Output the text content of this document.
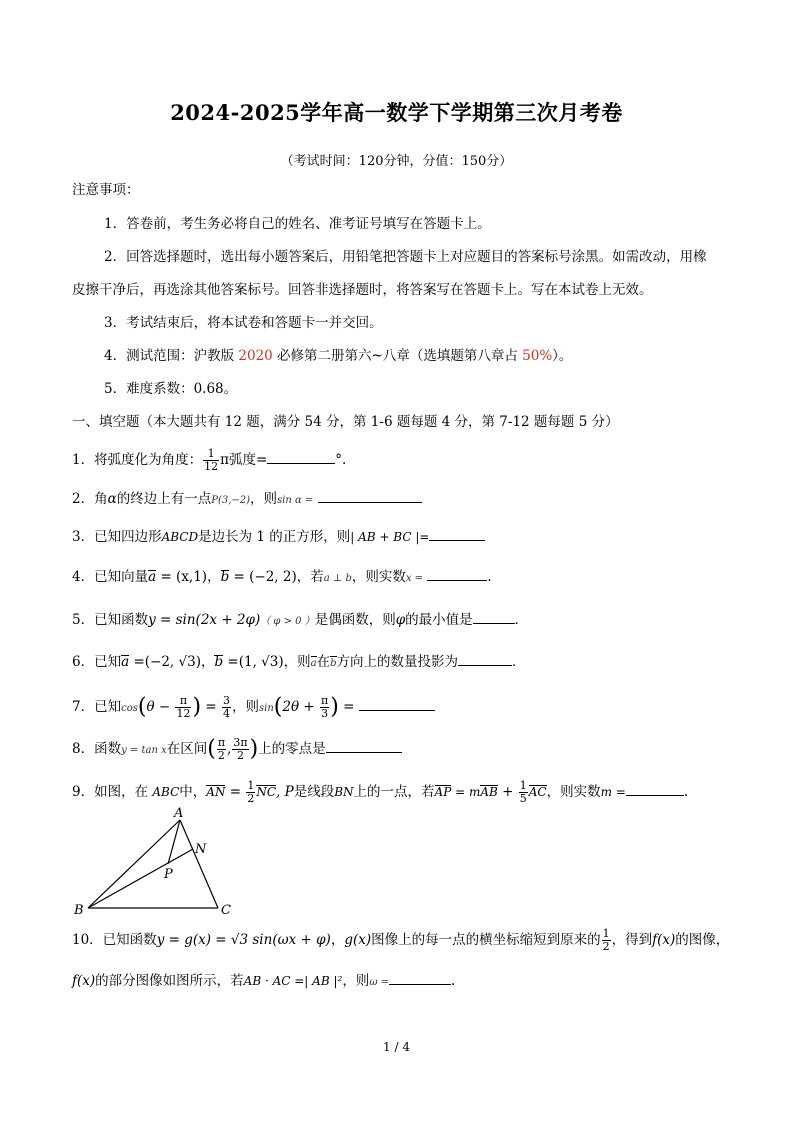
2024-2025学年高一数学下学期第三次月考卷
（考试时间：120分钟，分值：150分）
注意事项：
1．答卷前，考生务必将自己的姓名、准考证号填写在答题卡上。
2．回答选择题时，选出每小题答案后，用铅笔把答题卡上对应题目的答案标号涂黑。如需改动，用橡
皮擦干净后，再选涂其他答案标号。回答非选择题时，将答案写在答题卡上。写在本试卷上无效。
3．考试结束后，将本试卷和答题卡一并交回。
4．测试范围：沪教版 2020 必修第二册第六~八章（选填题第八章占 50%）。
5．难度系数：0.68。
一、填空题（本大题共有 12 题，满分 54 分，第 1-6 题每题 4 分，第 7-12 题每题 5 分）
1．将弧度化为角度： $\frac{1}{12}$ π弧度=	°.
2．角α的终边上有一点P(3,−2)，则sin α =
3．已知四边形ABCD是边长为 1 的正方形，则| AB + BC |=
4．已知向量a = (x,1)，b = (−2, 2)，若a ⊥ b，则实数x =	.
5．已知函数y = sin(2x + 2φ)（ φ > 0 ）是偶函数，则φ的最小值是	．
6．已知a =(−2, √3)，b =(1, √3)，则a在b方向上的数量投影为	．
7．已知$\cos(\theta - \frac{\pi}{12}$ ) = $\frac{3}{4}$ ，则$\sin(2\theta + \frac{\pi}{3}$ ) =
8．函数y = tan x在区间( $\frac{\pi}{2}$ , $\frac{3\pi}{2}$ )上的零点是
9．如图，在 ABC中，AN = $\frac{1}{2}$ NC, P是线段BN上的一点，若AP = mAB + $\frac{1}{5}$ AC，则实数m =	.
A
N
P
B	C
10．已知函数y = g(x) = √3 sin(ωx + φ)，g(x)图像上的每一点的横坐标缩短到原来的 $\frac{1}{2}$ ，得到f(x)的图像，
f(x)的部分图像如图所示，若AB · AC =| AB |²，则ω =	.
1 / 4
